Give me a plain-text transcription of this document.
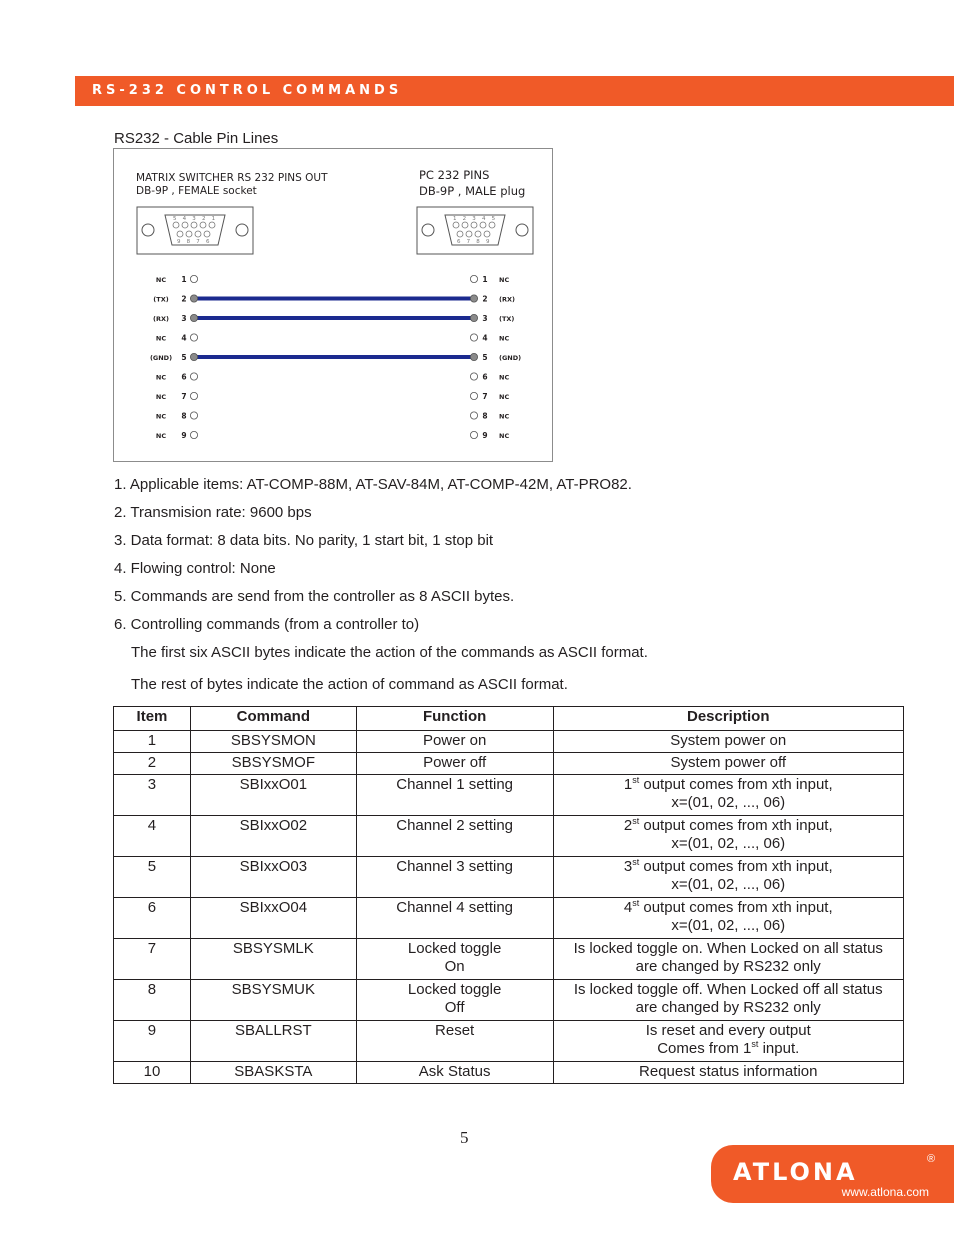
RS-232 CONTROL COMMANDS
RS232 - Cable Pin Lines
MATRIX SWITCHER RS 232 PINS OUT
DB-9P , FEMALE socket
PC 232 PINS
DB-9P , MALE plug
5 4 3 2 1
9 8 7 6
1 2 3 4 5
6 7 8 9
NC 1	1 NC
(TX) 2	2 (RX)
(RX) 3	3 (TX)
NC 4	4 NC
(GND) 5	5 (GND)
NC 6	6 NC
NC 7	7 NC
NC 8	8 NC
NC 9	9 NC
1. Applicable items: AT-COMP-88M, AT-SAV-84M, AT-COMP-42M, AT-PRO82.
2. Transmision rate: 9600 bps
3. Data format: 8 data bits. No parity, 1 start bit, 1 stop bit
4. Flowing control: None
5. Commands are send from the controller as 8 ASCII bytes.
6. Controlling commands (from a controller to)
The first six ASCII bytes indicate the action of the commands as ASCII format.
The rest of bytes indicate the action of command as ASCII format.
Item	Command	Function	Description
1	SBSYSMON	Power on	System power on
2	SBSYSMOF	Power off	System power off
3	SBIxxO01	Channel 1 setting	1st output comes from xth input,
x=(01, 02, ..., 06)
4	SBIxxO02	Channel 2 setting	2st output comes from xth input,
x=(01, 02, ..., 06)
5	SBIxxO03	Channel 3 setting	3st output comes from xth input,
x=(01, 02, ..., 06)
6	SBIxxO04	Channel 4 setting	4st output comes from xth input,
x=(01, 02, ..., 06)
7	SBSYSMLK	Locked toggle
On	Is locked toggle on. When Locked on all status
are changed by RS232 only
8	SBSYSMUK	Locked toggle
Off	Is locked toggle off. When Locked off all status
are changed by RS232 only
9	SBALLRST	Reset	Is reset and every output
Comes from 1st input.
10	SBASKSTA	Ask Status	Request status information
5
ATLONA	®
www.atlona.com
